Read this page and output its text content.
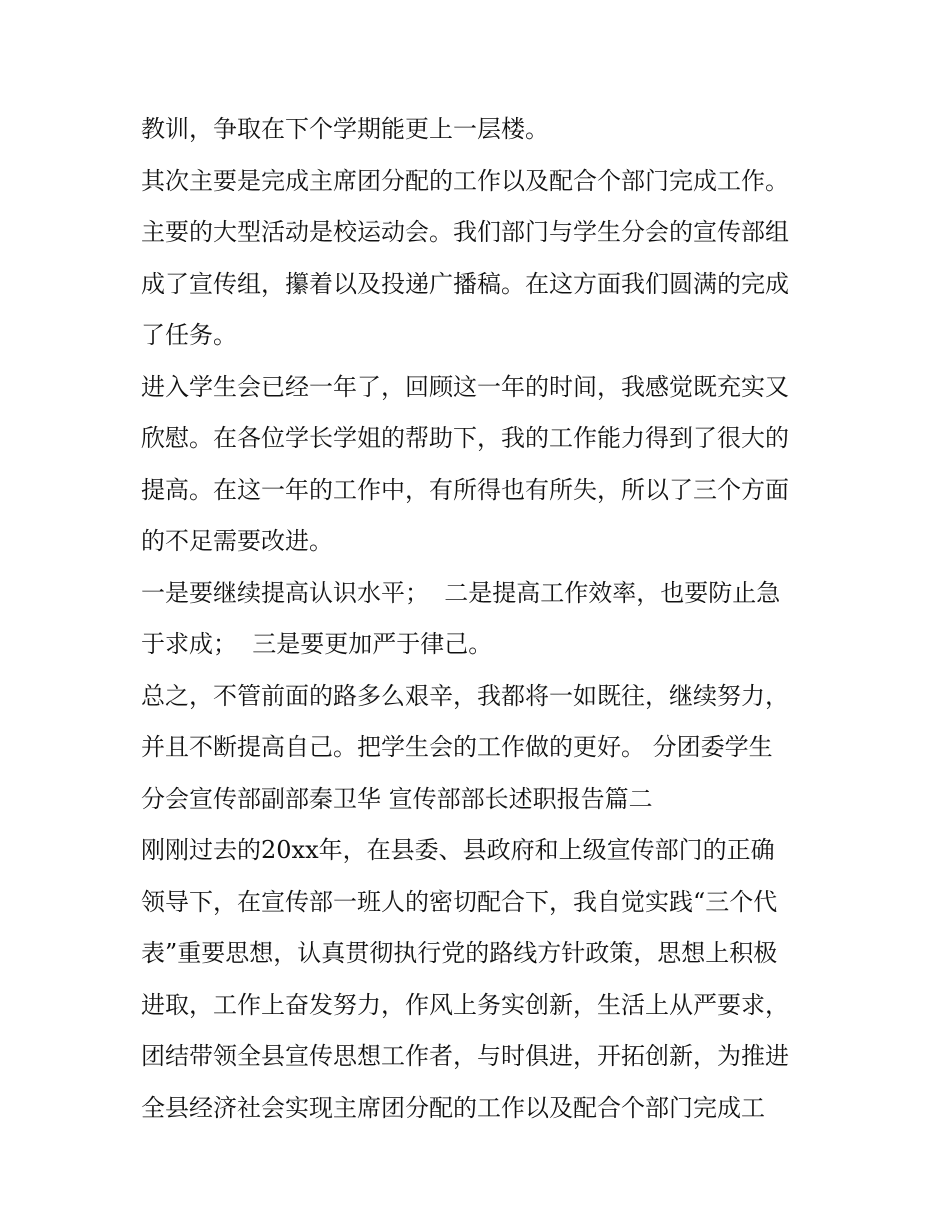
教训，争取在下个学期能更上一层楼。
其次主要是完成主席团分配的工作以及配合个部门完成工作。
主要的大型活动是校运动会。我们部门与学生分会的宣传部组
成了宣传组，攥着以及投递广播稿。在这方面我们圆满的完成
了任务。
进入学生会已经一年了，回顾这一年的时间，我感觉既充实又
欣慰。在各位学长学姐的帮助下，我的工作能力得到了很大的
提高。在这一年的工作中，有所得也有所失，所以了三个方面
的不足需要改进。
一是要继续提高认识水平；  二是提高工作效率，也要防止急
于求成；  三是要更加严于律己。
总之，不管前面的路多么艰辛，我都将一如既往，继续努力，
并且不断提高自己。把学生会的工作做的更好。 分团委学生
分会宣传部副部秦卫华 宣传部部长述职报告篇二
刚刚过去的20xx年，在县委、县政府和上级宣传部门的正确
领导下，在宣传部一班人的密切配合下，我自觉实践“三个代
表”重要思想，认真贯彻执行党的路线方针政策，思想上积极
进取，工作上奋发努力，作风上务实创新，生活上从严要求，
团结带领全县宣传思想工作者，与时俱进，开拓创新，为推进
全县经济社会实现主席团分配的工作以及配合个部门完成工
